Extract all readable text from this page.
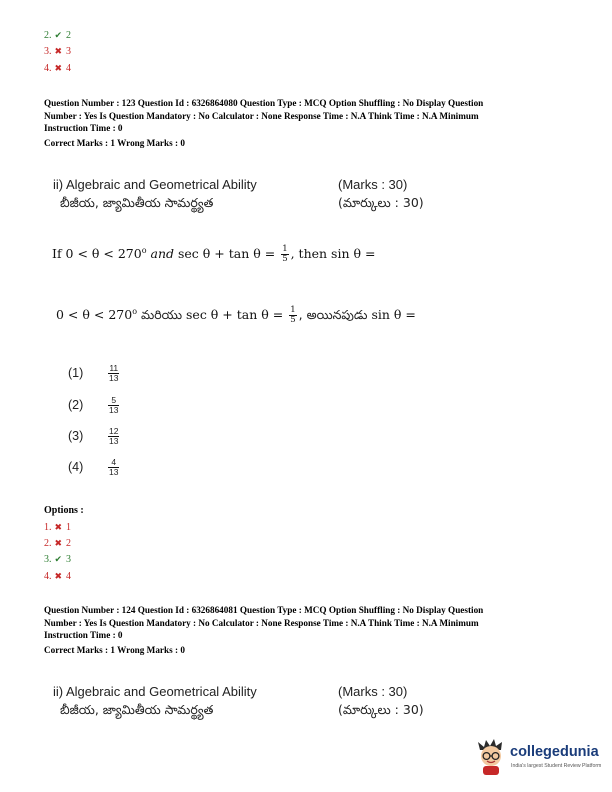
2. ✔ 2
3. ✖ 3
4. ✖ 4
Question Number : 123 Question Id : 6326864080 Question Type : MCQ Option Shuffling : No Display Question
Number : Yes Is Question Mandatory : No Calculator : None Response Time : N.A Think Time : N.A Minimum
Instruction Time : 0
Correct Marks : 1 Wrong Marks : 0
ii) Algebraic and Geometrical Ability	(Marks : 30)
బీజీయ, జ్యామితీయ సామర్థ్యత	(మార్కులు : 30)
If $0 < \theta < 270^o$ and $\sec \theta + \tan \theta = \frac{1}{5}$ , then sin θ =
$0 < \theta < 270^o$ మరియు $\sec \theta + \tan \theta = \frac{1}{5}$ , అయినపుడు sin θ =
(1)	$\frac{11}{13}$
(2)	$\frac{5}{13}$
(3)	$\frac{12}{13}$
(4)	$\frac{4}{13}$
Options :
1. ✖ 1
2. ✖ 2
3. ✔ 3
4. ✖ 4
Question Number : 124 Question Id : 6326864081 Question Type : MCQ Option Shuffling : No Display Question
Number : Yes Is Question Mandatory : No Calculator : None Response Time : N.A Think Time : N.A Minimum
Instruction Time : 0
Correct Marks : 1 Wrong Marks : 0
ii) Algebraic and Geometrical Ability	(Marks : 30)
బీజీయ, జ్యామితీయ సామర్థ్యత	(మార్కులు : 30)
collegedunia
India's largest Student Review Platform
